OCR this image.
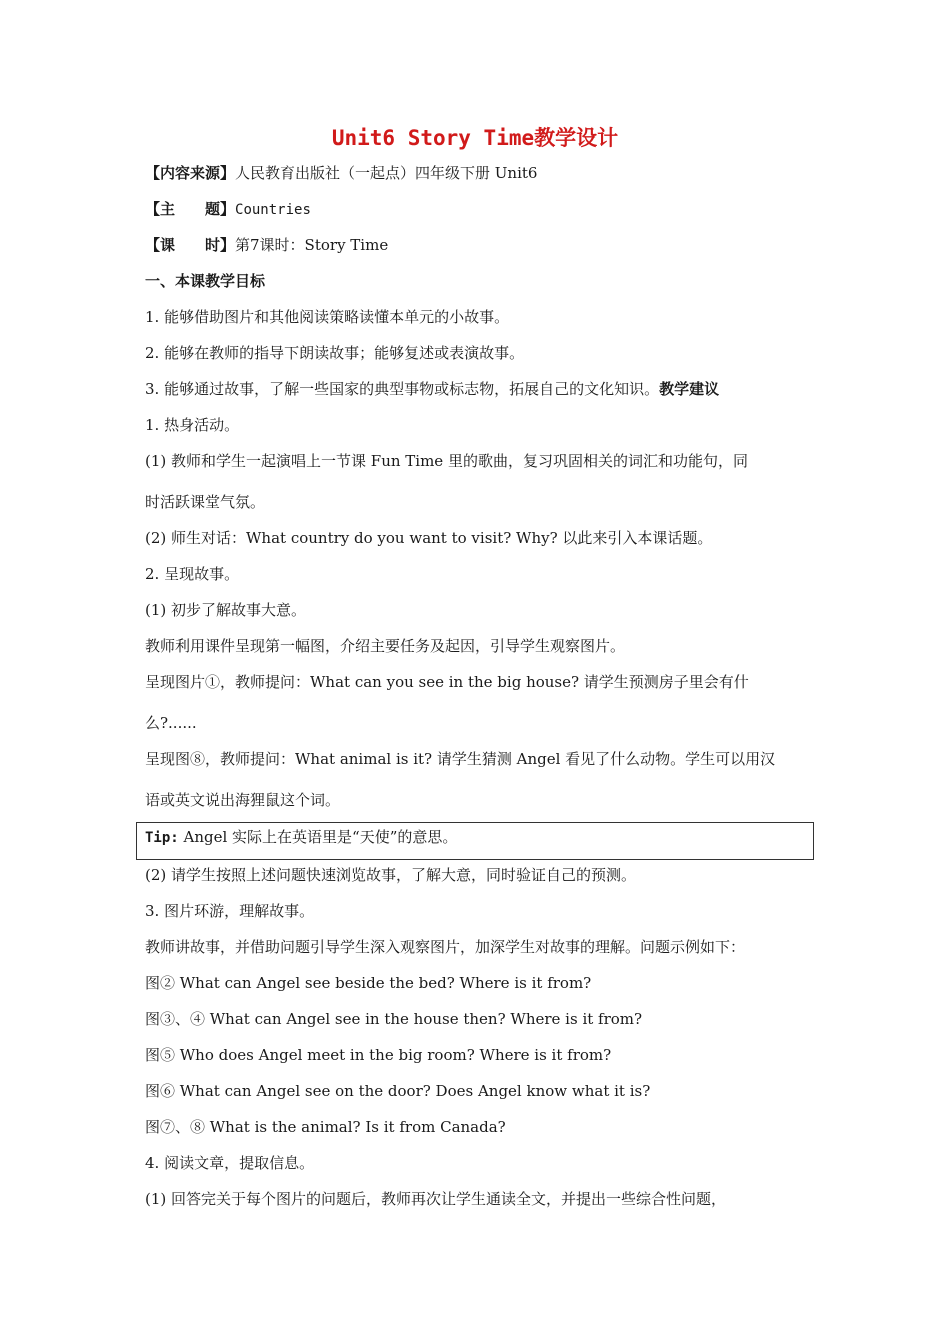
Unit6 Story Time教学设计
【内容来源】人民教育出版社（一起点）四年级下册 Unit6
【主　　题】Countries
【课　　时】第7课时：Story Time
一、本课教学目标
1. 能够借助图片和其他阅读策略读懂本单元的小故事。
2. 能够在教师的指导下朗读故事；能够复述或表演故事。
3. 能够通过故事，了解一些国家的典型事物或标志物，拓展自己的文化知识。教学建议
1. 热身活动。
(1) 教师和学生一起演唱上一节课 Fun Time 里的歌曲，复习巩固相关的词汇和功能句，同
时活跃课堂气氛。
(2) 师生对话：What country do you want to visit? Why? 以此来引入本课话题。
2. 呈现故事。
(1) 初步了解故事大意。
教师利用课件呈现第一幅图，介绍主要任务及起因，引导学生观察图片。
呈现图片①，教师提问：What can you see in the big house? 请学生预测房子里会有什
么?......
呈现图⑧，教师提问：What animal is it? 请学生猜测 Angel 看见了什么动物。学生可以用汉
语或英文说出海狸鼠这个词。
Tip: Angel 实际上在英语里是“天使”的意思。
(2) 请学生按照上述问题快速浏览故事，了解大意，同时验证自己的预测。
3. 图片环游，理解故事。
教师讲故事，并借助问题引导学生深入观察图片，加深学生对故事的理解。问题示例如下：
图② What can Angel see beside the bed? Where is it from?
图③、④ What can Angel see in the house then? Where is it from?
图⑤ Who does Angel meet in the big room? Where is it from?
图⑥ What can Angel see on the door? Does Angel know what it is?
图⑦、⑧ What is the animal? Is it from Canada?
4. 阅读文章，提取信息。
(1) 回答完关于每个图片的问题后，教师再次让学生通读全文，并提出一些综合性问题，
